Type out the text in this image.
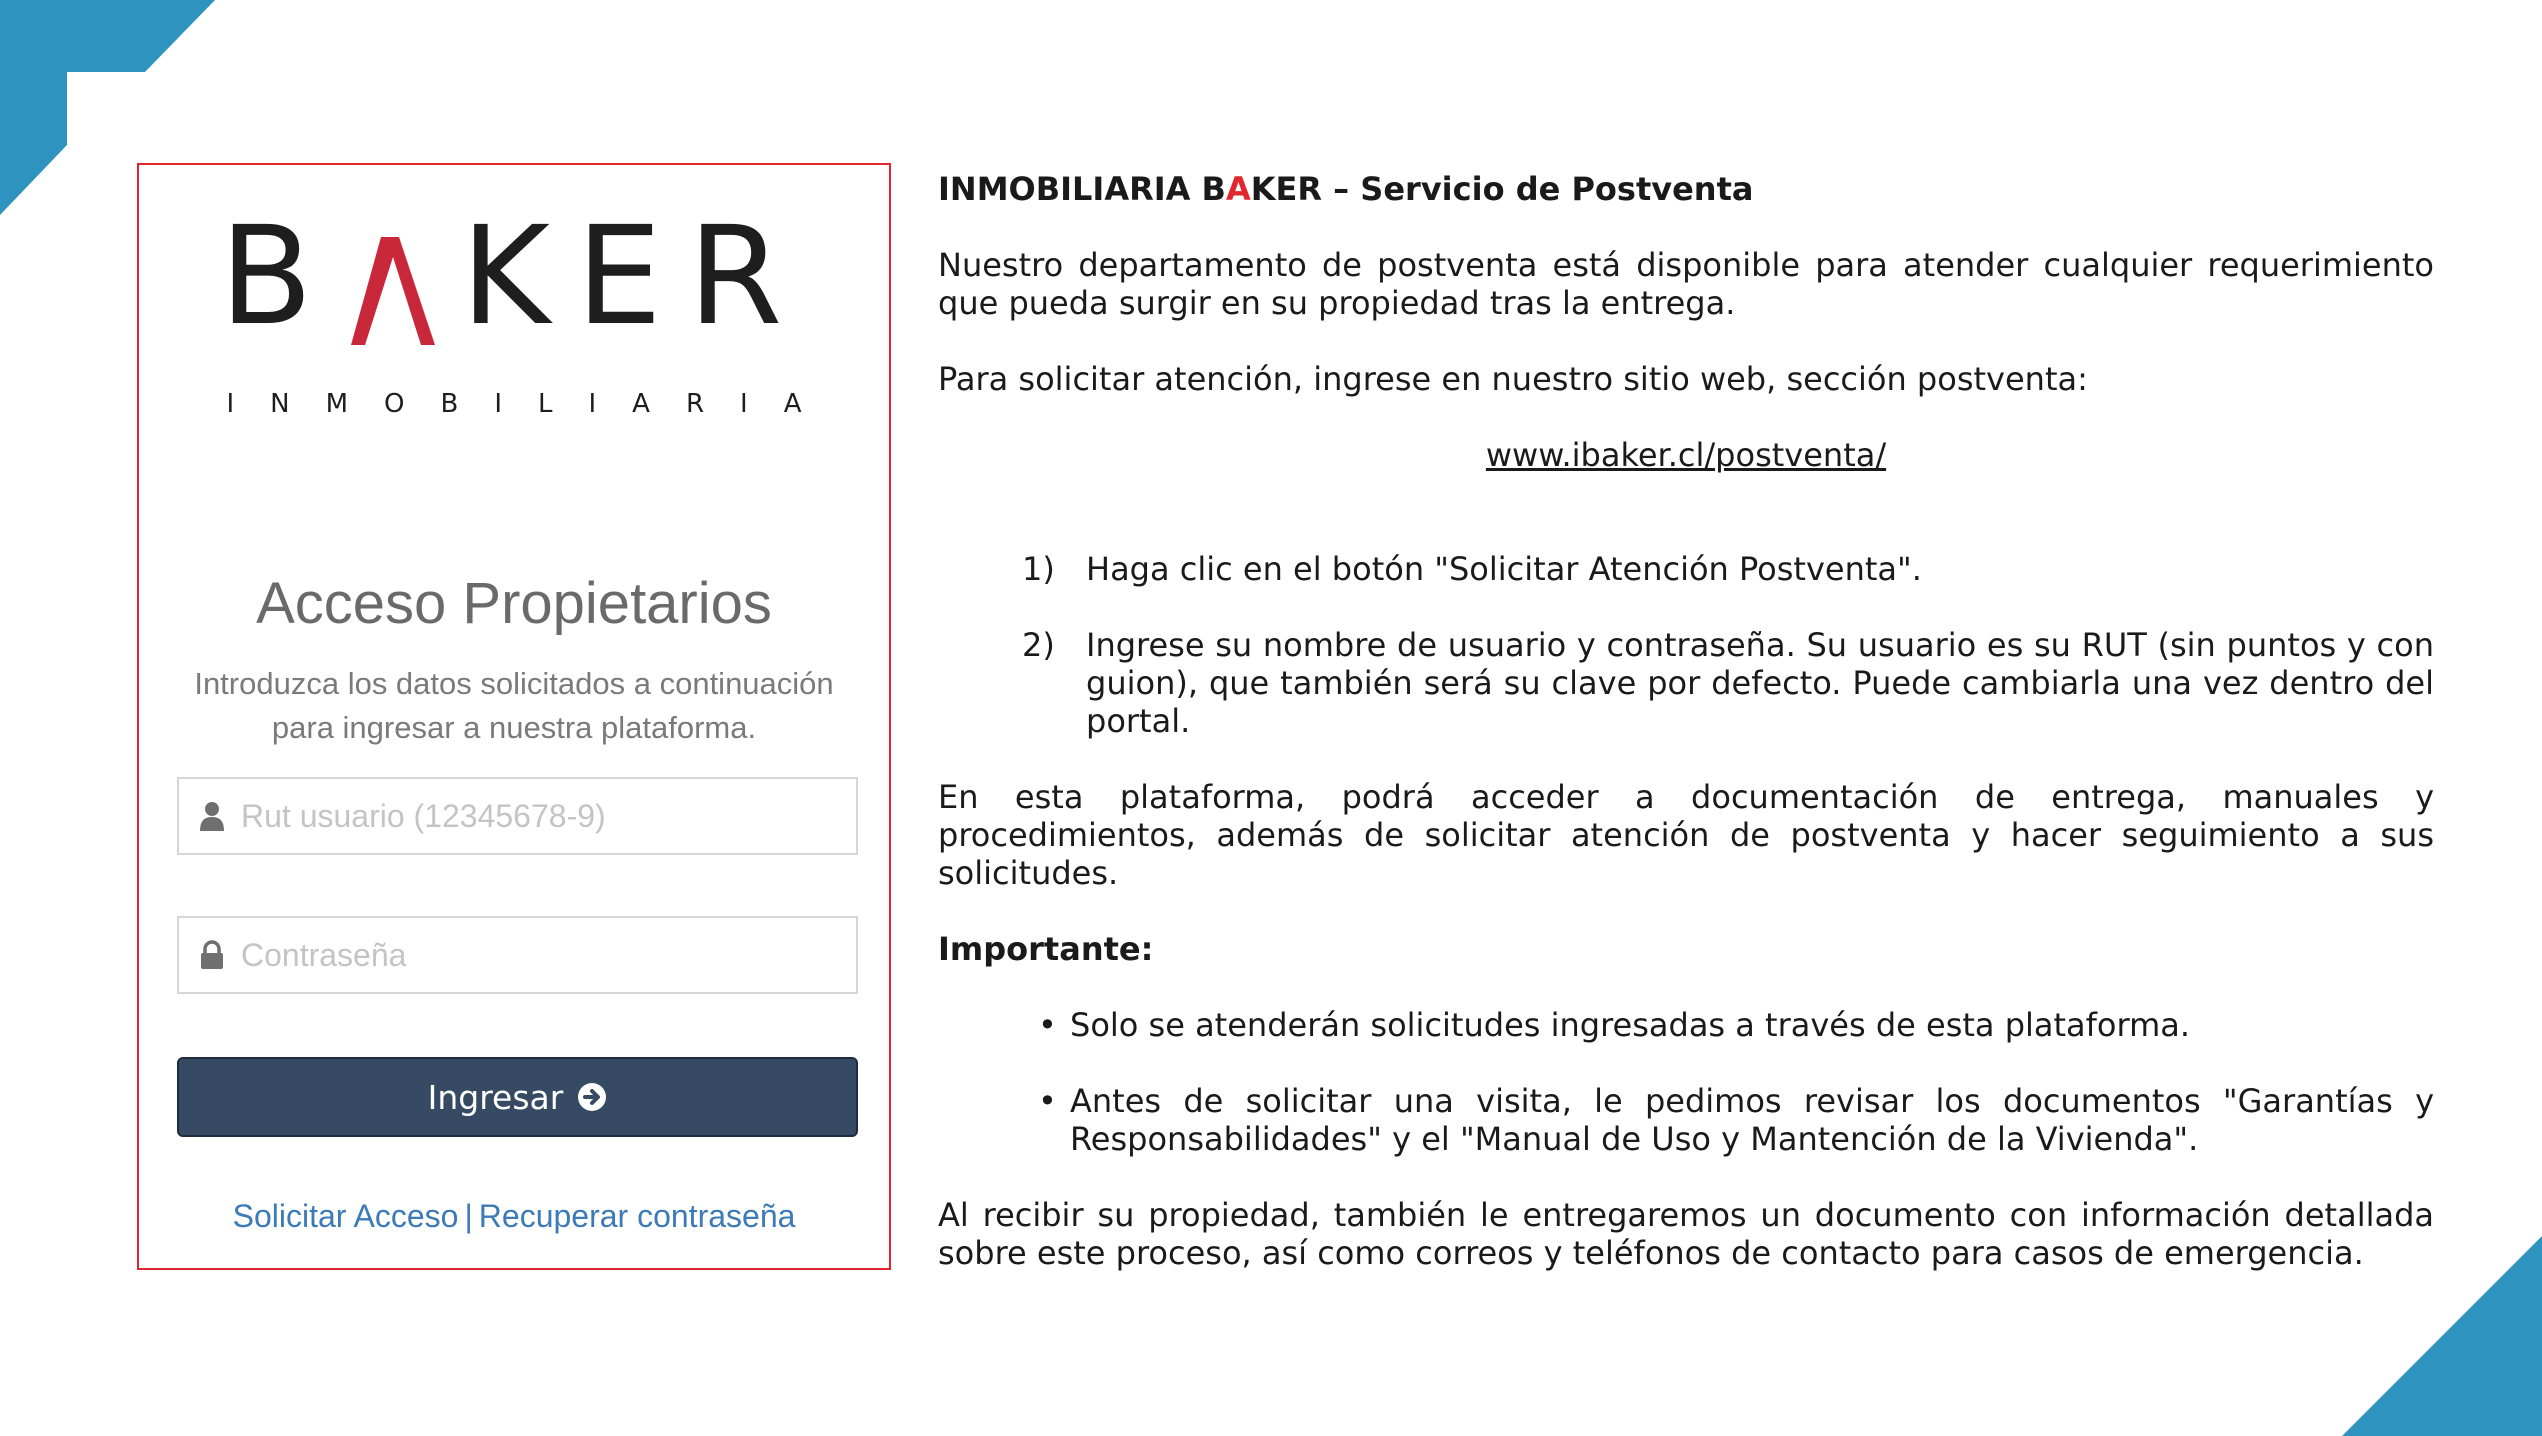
B KER
INMOBILIARIA
Acceso Propietarios
Introduzca los datos solicitados a continuación
para ingresar a nuestra plataforma.
Rut usuario (12345678-9)
Ingresar
Solicitar Acceso | Recuperar contraseña

INMOBILIARIA BAKER – Servicio de Postventa

Nuestro departamento de postventa está disponible para atender cualquier requerimiento que pueda surgir en su propiedad tras la entrega.

Para solicitar atención, ingrese en nuestro sitio web, sección postventa:

www.ibaker.cl/postventa/

1) Haga clic en el botón "Solicitar Atención Postventa".
2) Ingrese su nombre de usuario y contraseña. Su usuario es su RUT (sin puntos y con guion), que también será su clave por defecto. Puede cambiarla una vez dentro del portal.

En esta plataforma, podrá acceder a documentación de entrega, manuales y procedimientos, además de solicitar atención de postventa y hacer seguimiento a sus solicitudes.

Importante:

• Solo se atenderán solicitudes ingresadas a través de esta plataforma.
• Antes de solicitar una visita, le pedimos revisar los documentos "Garantías y Responsabilidades" y el "Manual de Uso y Mantención de la Vivienda".

Al recibir su propiedad, también le entregaremos un documento con información detallada sobre este proceso, así como correos y teléfonos de contacto para casos de emergencia.
